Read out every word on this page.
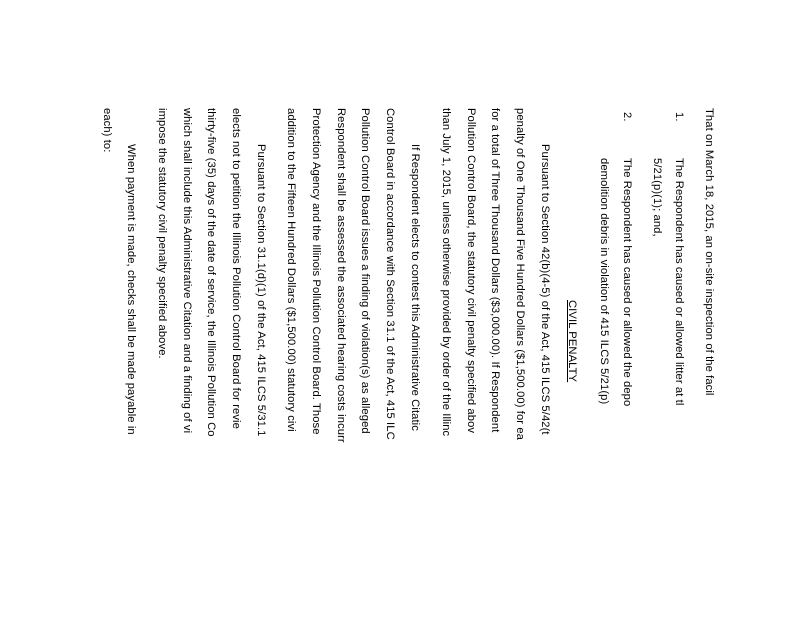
That on March 18, 2015, an on-site inspection of the facil
1.
The Respondent has caused or allowed litter at tl
5/21(p)(1); and,
2.
The Respondent has caused or allowed the depo
demolition debris in violation of 415 ILCS 5/21(p)
CIVIL PENALTY
Pursuant to Section 42(b)(4-5) of the Act, 415 ILCS 5/42(t
penalty of One Thousand Five Hundred Dollars ($1,500.00) for ea
for a total of Three Thousand Dollars ($3,000.00). If Respondent
Pollution Control Board, the statutory civil penalty specified abov
than July 1, 2015, unless otherwise provided by order of the Illinc
If Respondent elects to contest this Administrative Citatic
Control Board in accordance with Section 31.1 of the Act, 415 ILC
Pollution Control Board issues a finding of violation(s) as alleged
Respondent shall be assessed the associated hearing costs incurr
Protection Agency and the Illinois Pollution Control Board. Those
addition to the Fifteen Hundred Dollars ($1,500.00) statutory civi
Pursuant to Section 31.1(d)(1) of the Act, 415 ILCS 5/31.1
elects not to petition the Illinois Pollution Control Board for revie
thirty-five (35) days of the date of service, the Illinois Pollution Co
which shall include this Administrative Citation and a finding of vi
impose the statutory civil penalty specified above.
When payment is made, checks shall be made payable in
each) to:
